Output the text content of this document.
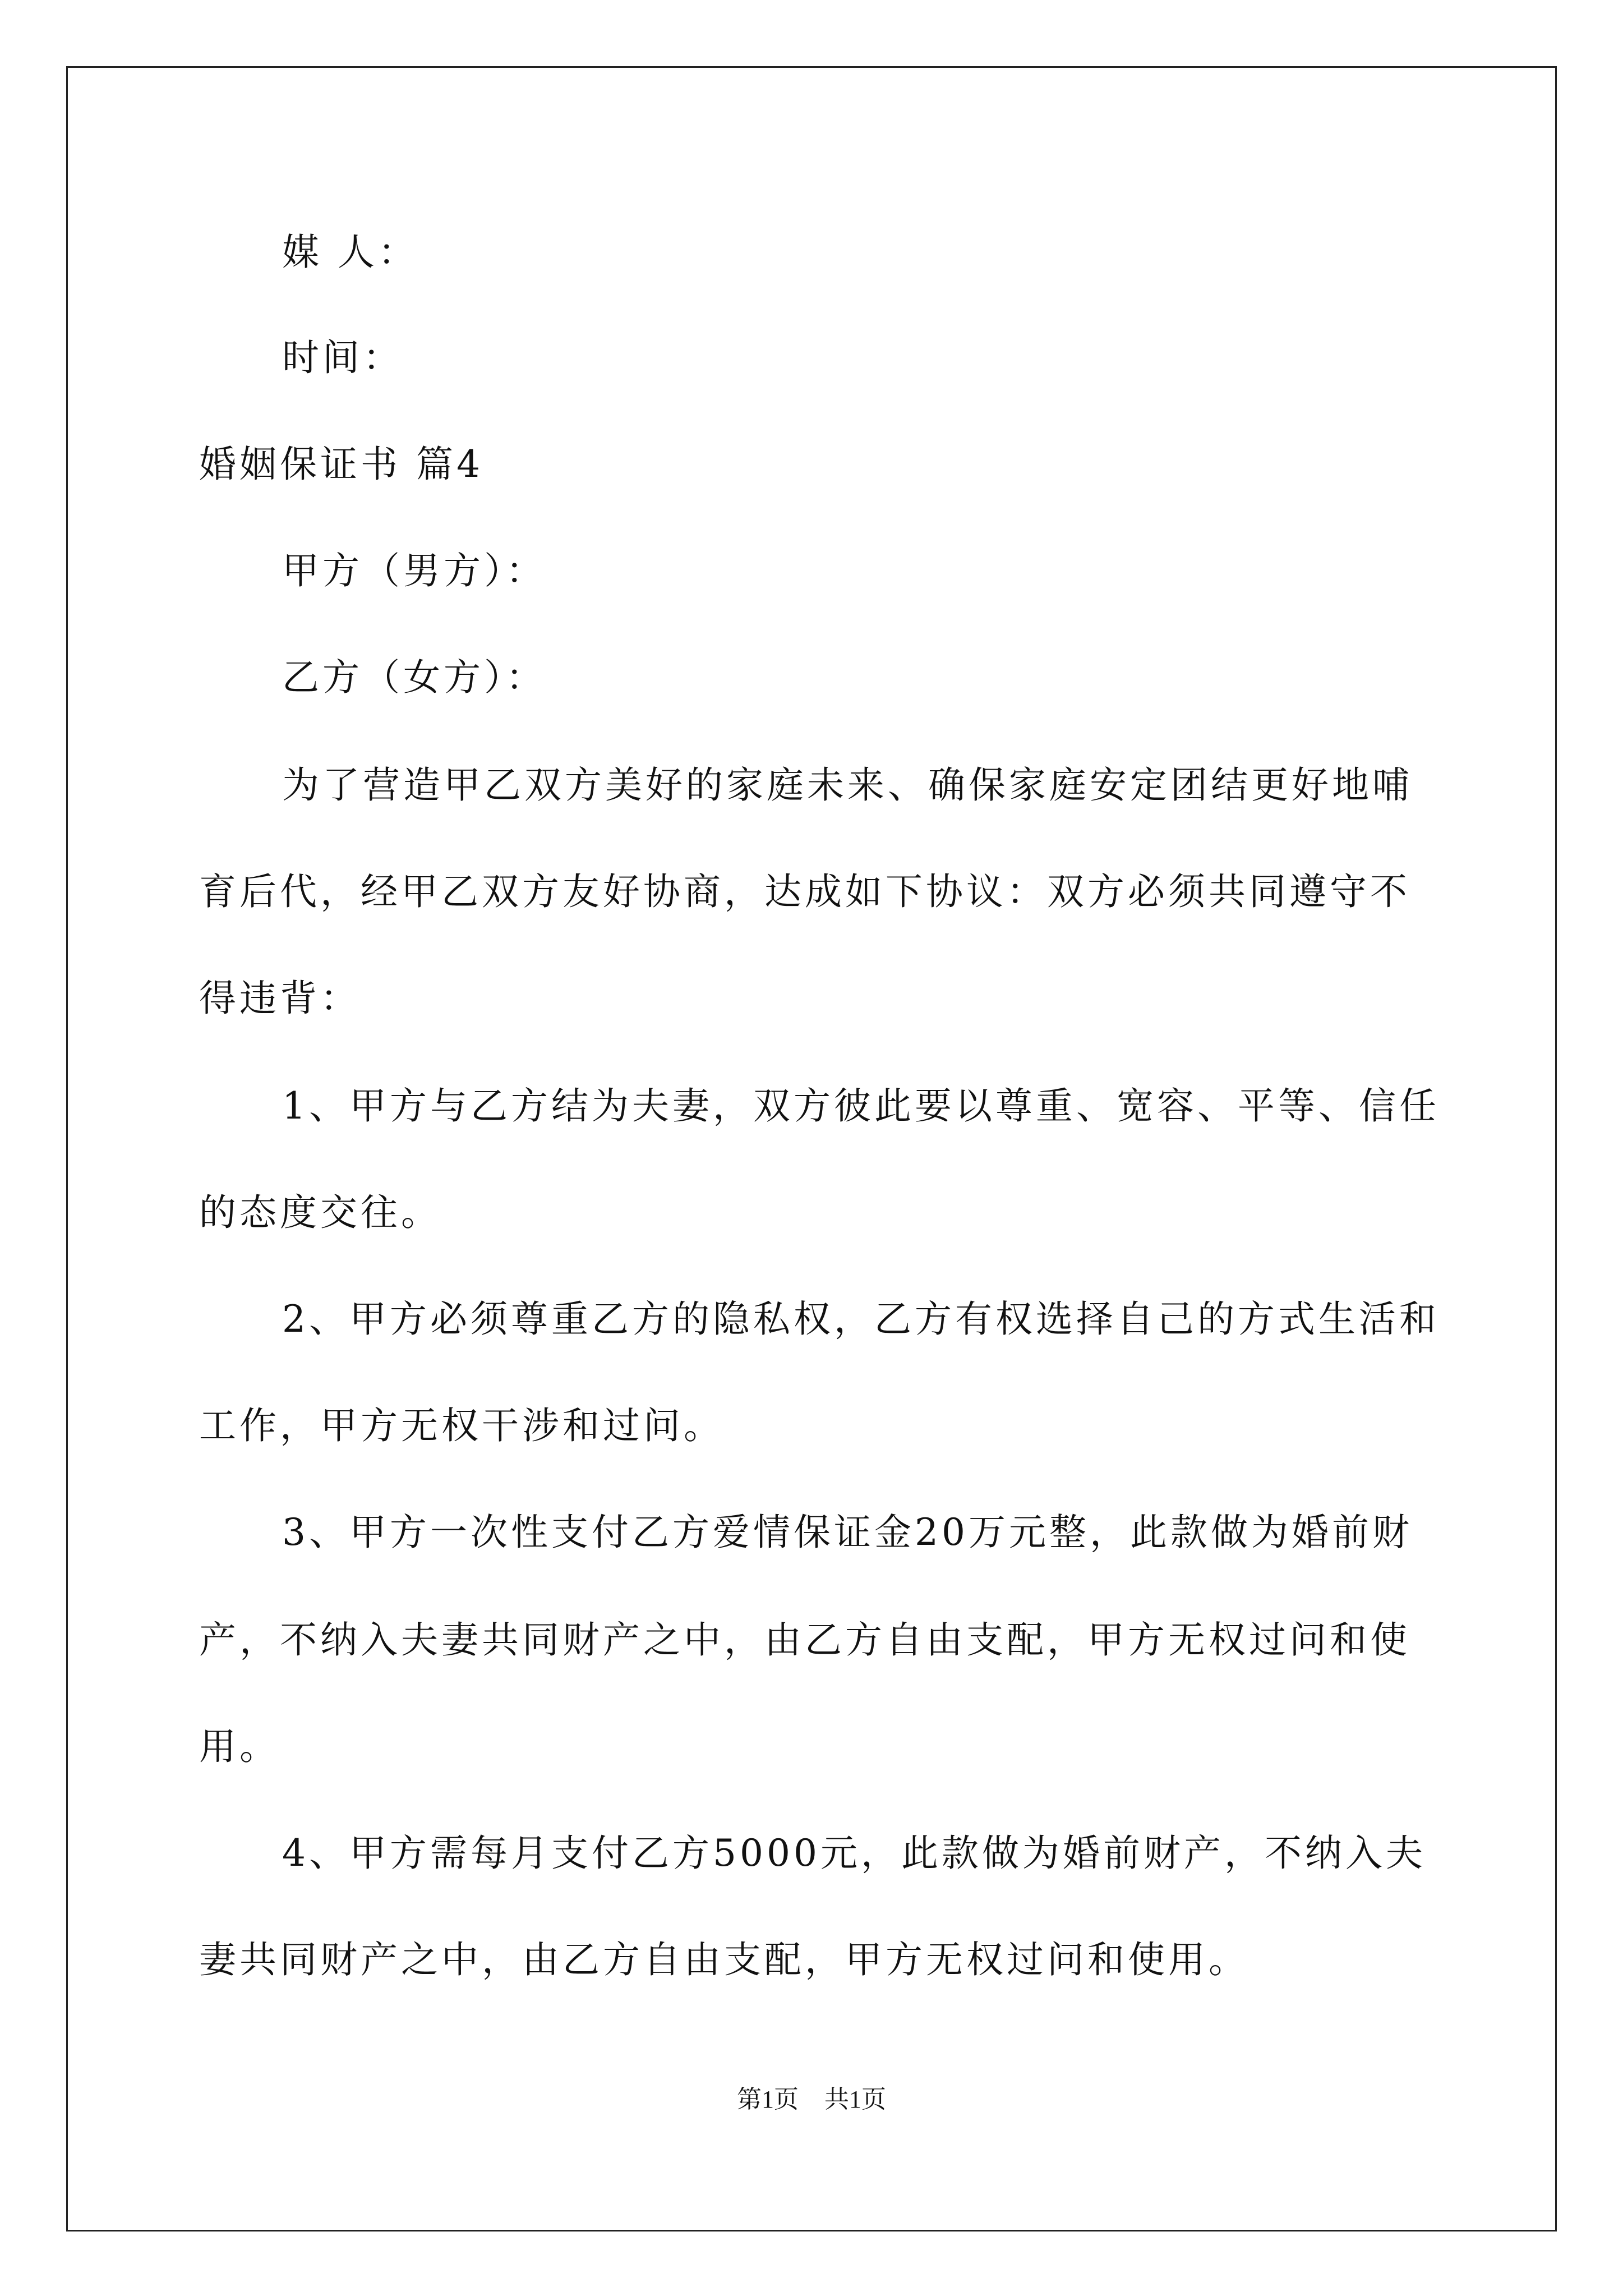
媒 人：
时间：
婚姻保证书 篇4
甲方（男方）：
乙方（女方）：
为了营造甲乙双方美好的家庭未来、确保家庭安定团结更好地哺
育后代，经甲乙双方友好协商，达成如下协议：双方必须共同遵守不
得违背：
1、甲方与乙方结为夫妻，双方彼此要以尊重、宽容、平等、信任
的态度交往。
2、甲方必须尊重乙方的隐私权，乙方有权选择自己的方式生活和
工作，甲方无权干涉和过问。
3、甲方一次性支付乙方爱情保证金20万元整，此款做为婚前财
产，不纳入夫妻共同财产之中，由乙方自由支配，甲方无权过问和使
用。
4、甲方需每月支付乙方5000元，此款做为婚前财产，不纳入夫
妻共同财产之中，由乙方自由支配，甲方无权过问和使用。
第1页 共1页
